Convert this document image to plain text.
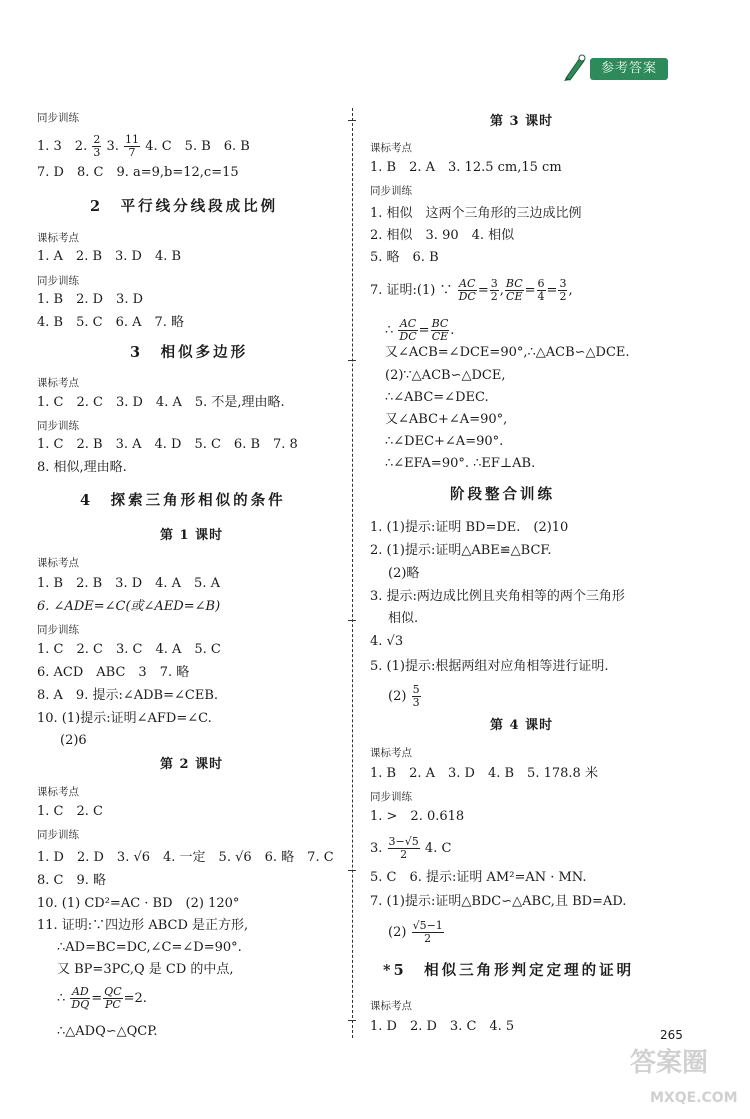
参考答案
同步训练
1. 3　2. $\frac{2}{3} 3$. $\frac{11}{7} 4$. C　5. B　6. B
7. D　8. C　9. a=9,b=12,c=15
2　平行线分线段成比例
课标考点
1. A　2. B　3. D　4. B
同步训练
1. B　2. D　3. D
4. B　5. C　6. A　7. 略
3　相似多边形
课标考点
1. C　2. C　3. D　4. A　5. 不是,理由略.
同步训练
1. C　2. B　3. A　4. D　5. C　6. B　7. 8
8. 相似,理由略.
4　探索三角形相似的条件
第 1 课时
课标考点
1. B　2. B　3. D　4. A　5. A
6. ∠ADE=∠C(或∠AED=∠B)
同步训练
1. C　2. C　3. C　4. A　5. C
6. ACD　ABC　3　7. 略
8. A　9. 提示:∠ADB=∠CEB.
10. (1)提示:证明∠AFD=∠C.
(2)6
第 2 课时
课标考点
1. C　2. C
同步训练
1. D　2. D　3. √6　4. 一定　5. √6　6. 略　7. C
8. C　9. 略
10. (1) CD²=AC · BD　(2) 120°
11. 证明:∵四边形 ABCD 是正方形,
∴AD=BC=DC,∠C=∠D=90°.
又 BP=3PC,Q 是 CD 的中点,
∴ $\frac{AD}{DQ} = \frac{QC}{PC} =2$.
∴△ADQ∽△QCP.
第 3 课时
课标考点
1. B　2. A　3. 12.5 cm,15 cm
同步训练
1. 相似　这两个三角形的三边成比例
2. 相似　3. 90　4. 相似
5. 略　6. B
7. 证明:(1) ∵ $\frac{AC}{DC} = \frac{3}{2}$ , $\frac{BC}{CE} = \frac{6}{4} = \frac{3}{2}$ ,
∴ $\frac{AC}{DC} = \frac{BC}{CE}$ .
又∠ACB=∠DCE=90°,∴△ACB∽△DCE.
(2)∵△ACB∽△DCE,
∴∠ABC=∠DEC.
又∠ABC+∠A=90°,
∴∠DEC+∠A=90°.
∴∠EFA=90°. ∴EF⊥AB.
阶段整合训练
1. (1)提示:证明 BD=DE.　(2)10
2. (1)提示:证明△ABE≌△BCF.
(2)略
3. 提示:两边成比例且夹角相等的两个三角形
相似.
4. √3
5. (1)提示:根据两组对应角相等进行证明.
$(2) \frac{5}{3}$
第 4 课时
课标考点
1. B　2. A　3. D　4. B　5. 178.8 米
同步训练
1. >　2. 0.618
3. $\frac{3-√5}{2} 4$. C
5. C　6. 提示:证明 AM²=AN · MN.
7. (1)提示:证明△BDC∽△ABC,且 BD=AD.
$(2) \frac{√5-1}{2}$
*5　相似三角形判定定理的证明
课标考点
1. D　2. D　3. C　4. 5
265
答案圈
MXQE.COM
